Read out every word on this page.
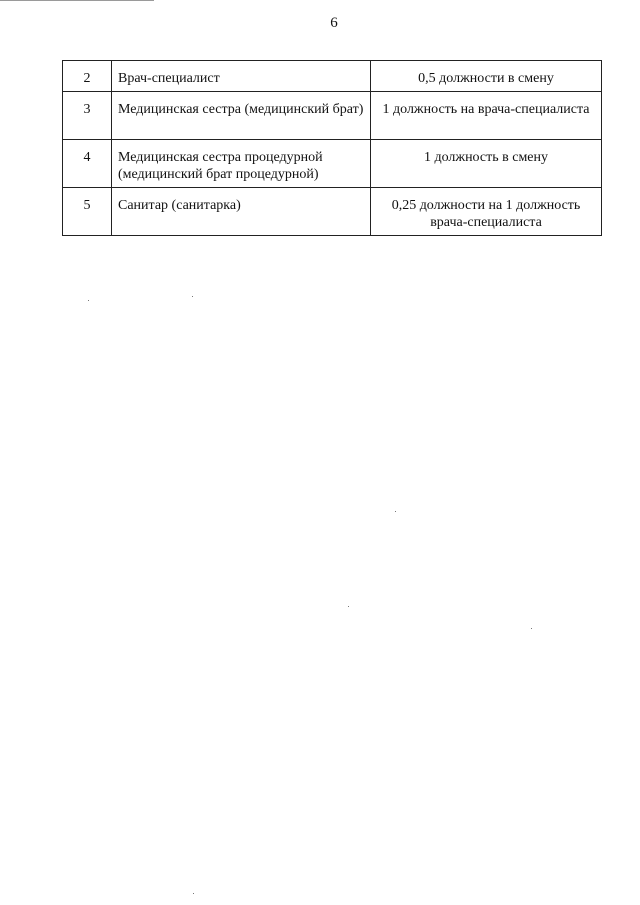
6
2	Врач-специалист	0,5 должности в смену
3	Медицинская сестра (медицинский брат)	1 должность на врача-специалиста
4	Медицинская сестра процедурной (медицинский брат процедурной)	1 должность в смену
5	Санитар (санитарка)	0,25 должности на 1 должность врача-специалиста
